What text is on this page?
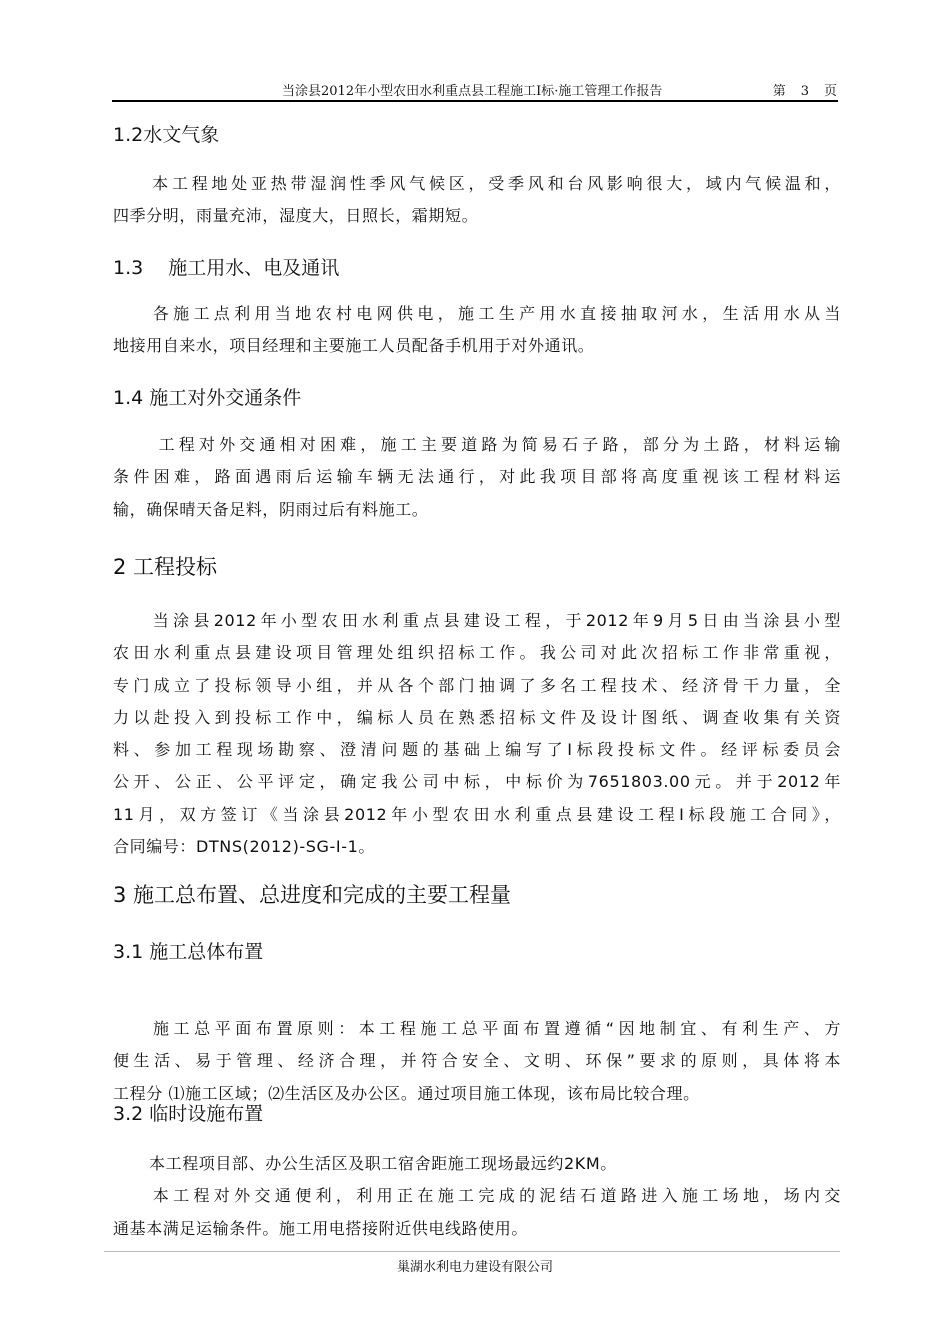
当涂县2012年小型农田水利重点县工程施工Ⅰ标·施工管理工作报告	第　3　页
1.2水文气象
本工程地处亚热带湿润性季风气候区，受季风和台风影响很大，域内气候温和，
四季分明，雨量充沛，湿度大，日照长，霜期短。
1.3　 施工用水、电及通讯
各施工点利用当地农村电网供电，施工生产用水直接抽取河水，生活用水从当
地接用自来水，项目经理和主要施工人员配备手机用于对外通讯。
1.4 施工对外交通条件
工程对外交通相对困难，施工主要道路为简易石子路，部分为土路，材料运输
条件困难，路面遇雨后运输车辆无法通行，对此我项目部将高度重视该工程材料运
输，确保晴天备足料，阴雨过后有料施工。
2 工程投标
当涂县2012年小型农田水利重点县建设工程，于2012年9月5日由当涂县小型
农田水利重点县建设项目管理处组织招标工作。我公司对此次招标工作非常重视，
专门成立了投标领导小组，并从各个部门抽调了多名工程技术、经济骨干力量，全
力以赴投入到投标工作中，编标人员在熟悉招标文件及设计图纸、调查收集有关资
料、参加工程现场勘察、澄清问题的基础上编写了Ⅰ标段投标文件。经评标委员会
公开、公正、公平评定，确定我公司中标，中标价为7651803.00元。并于2012年
11月，双方签订《当涂县2012年小型农田水利重点县建设工程Ⅰ标段施工合同》，
合同编号：DTNS(2012)-SG-Ⅰ-1。
3 施工总布置、总进度和完成的主要工程量
3.1 施工总体布置
施工总平面布置原则：本工程施工总平面布置遵循“因地制宜、有利生产、方
便生活、易于管理、经济合理，并符合安全、文明、环保”要求的原则，具体将本
工程分 ⑴施工区域；⑵生活区及办公区。通过项目施工体现，该布局比较合理。
3.2 临时设施布置
本工程项目部、办公生活区及职工宿舍距施工现场最远约2KM。
本工程对外交通便利，利用正在施工完成的泥结石道路进入施工场地，场内交
通基本满足运输条件。施工用电搭接附近供电线路使用。
巢湖水利电力建设有限公司
